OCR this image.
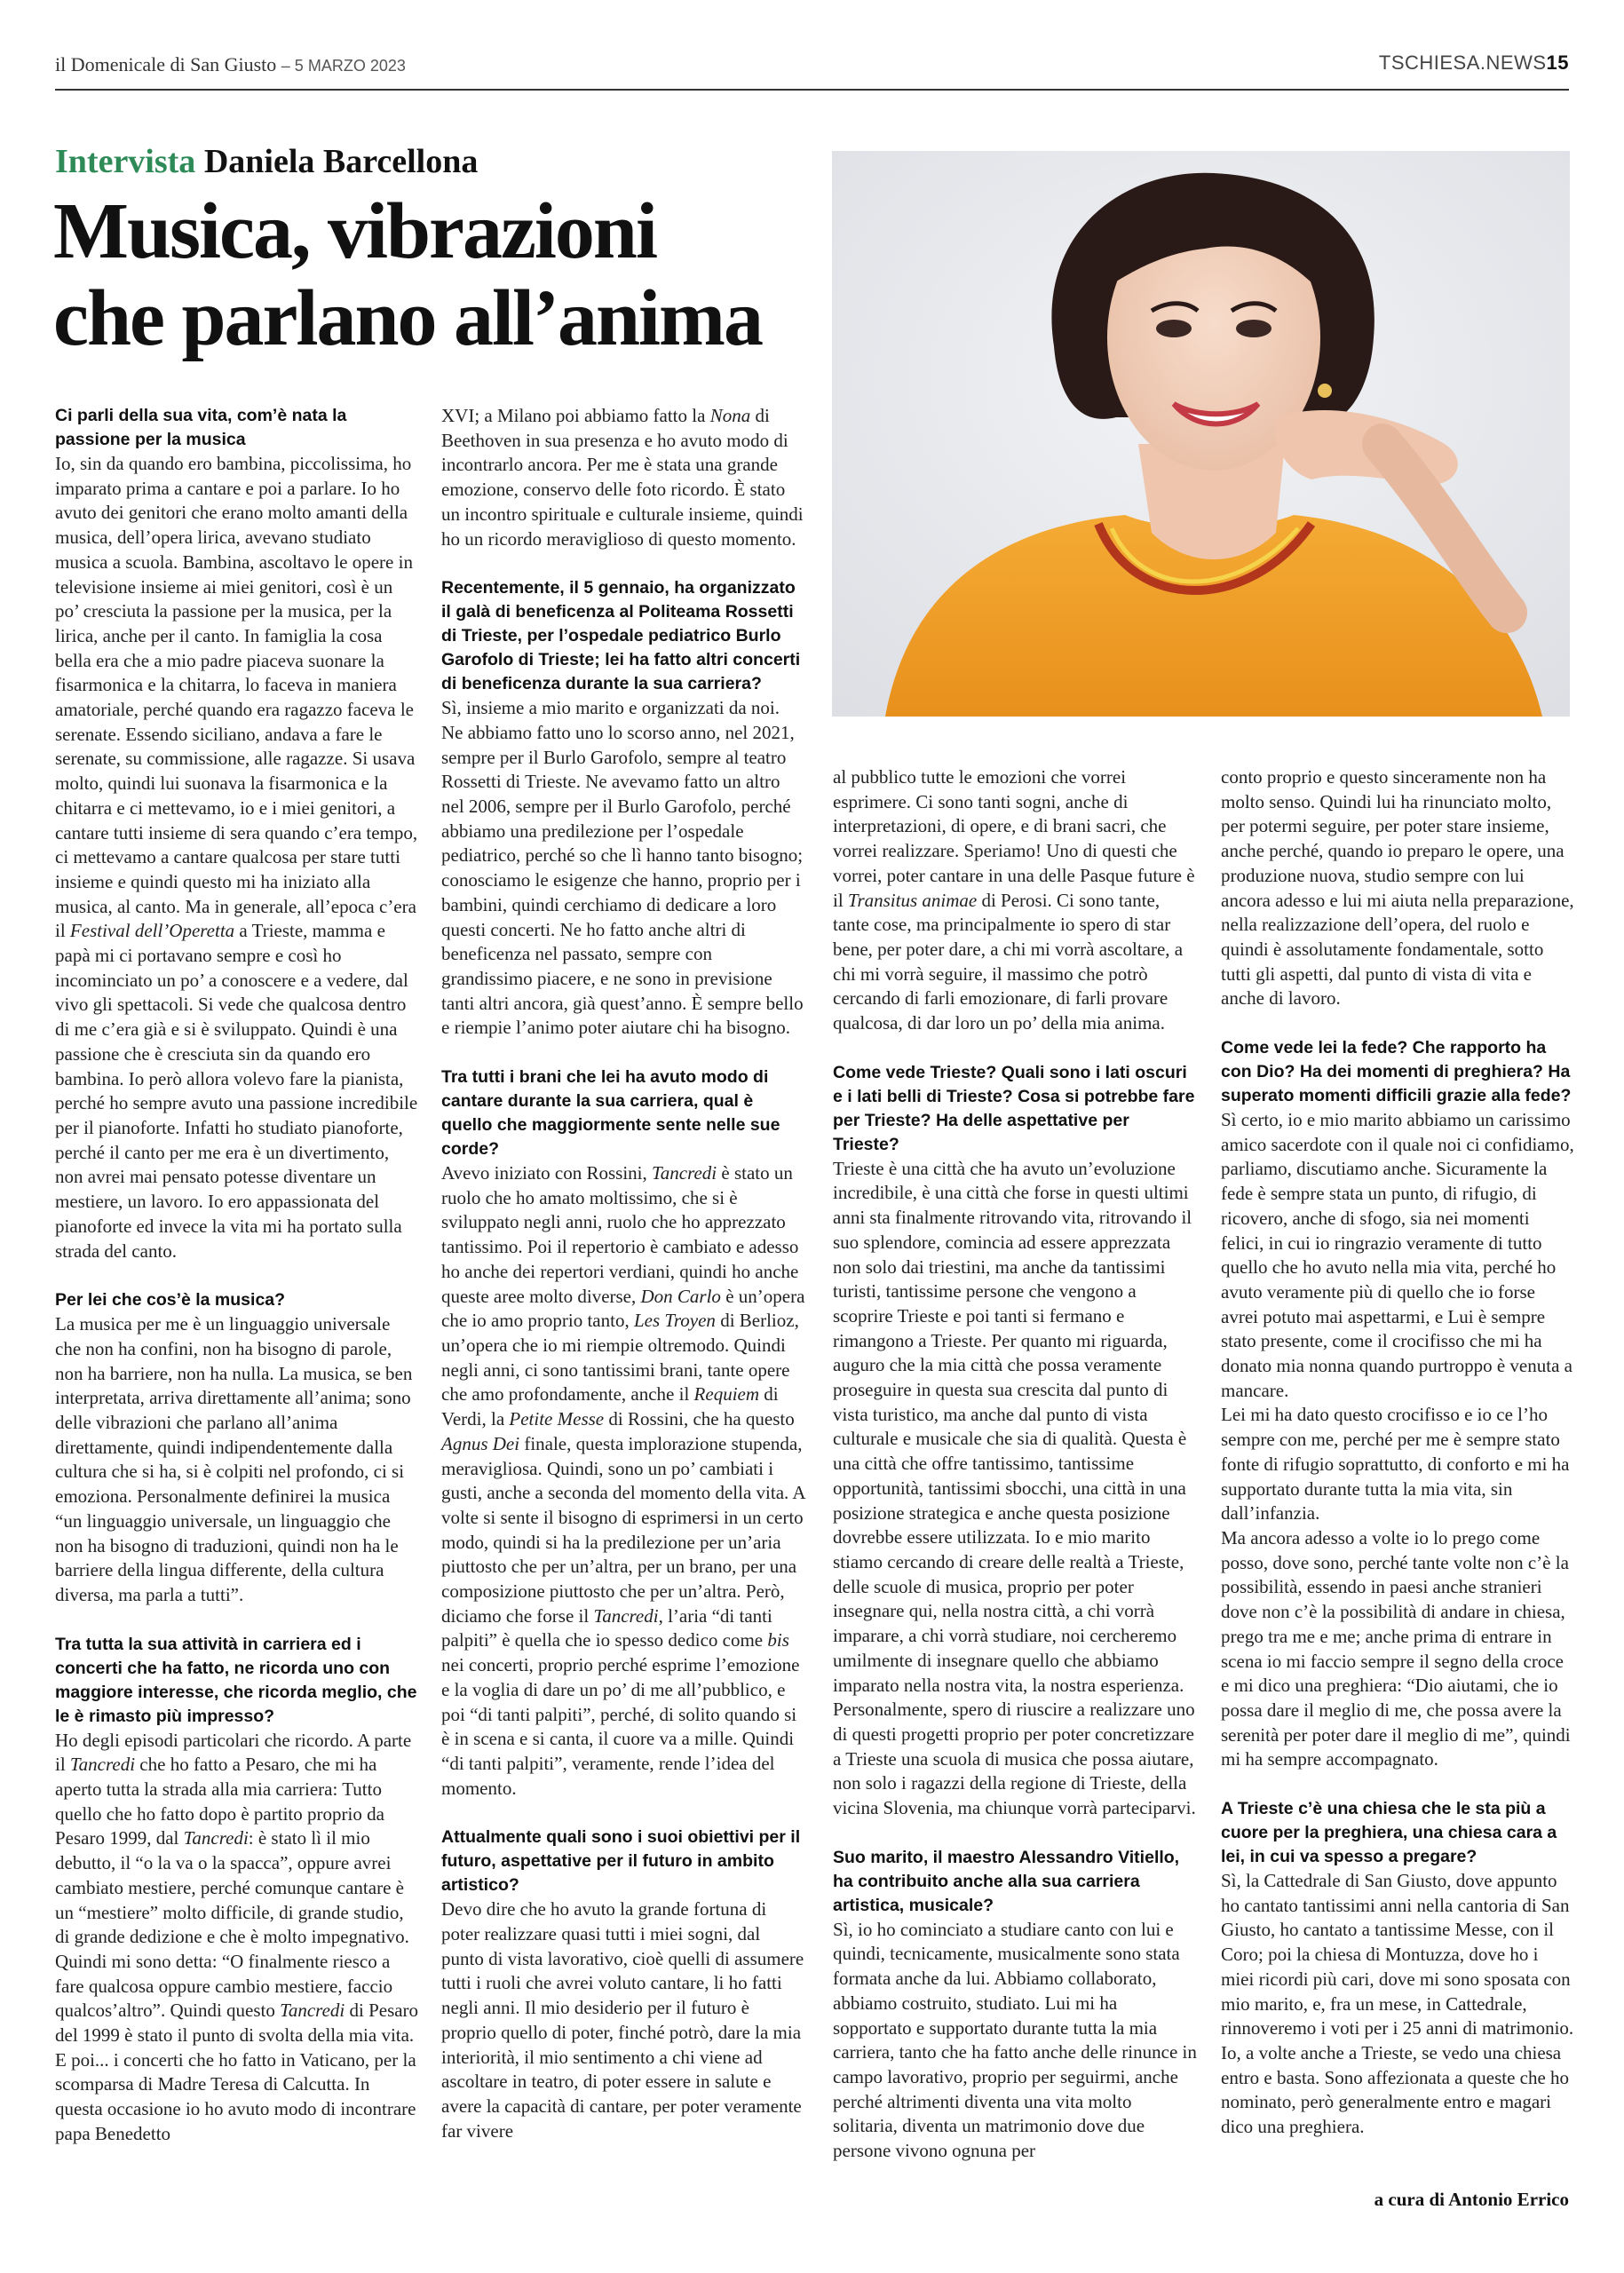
il Domenicale di San Giusto – 5 MARZO 2023	TSCHIESA.NEWS15
Intervista Daniela Barcellona
Musica, vibrazioni
che parlano all’anima

Ci parli della sua vita, com’è nata la passione per la musica

Io, sin da quando ero bambina, piccolissima, ho imparato prima a cantare e poi a parlare. Io ho avuto dei genitori che erano molto amanti della musica, dell’opera lirica, avevano studiato musica a scuola. Bambina, ascoltavo le opere in televisione insieme ai miei genitori, così è un po’ cresciuta la passione per la musica, per la lirica, anche per il canto. In famiglia la cosa bella era che a mio padre piaceva suonare la fisarmonica e la chitarra, lo faceva in maniera amatoriale, perché quando era ragazzo faceva le serenate. Essendo siciliano, andava a fare le serenate, su commissione, alle ragazze. Si usava molto, quindi lui suonava la fisarmonica e la chitarra e ci mettevamo, io e i miei genitori, a cantare tutti insieme di sera quando c’era tempo, ci mettevamo a cantare qualcosa per stare tutti insieme e quindi questo mi ha iniziato alla musica, al canto. Ma in generale, all’epoca c’era il Festival dell’Operetta a Trieste, mamma e papà mi ci portavano sempre e così ho incominciato un po’ a conoscere e a vedere, dal vivo gli spettacoli. Si vede che qualcosa dentro di me c’era già e si è sviluppato. Quindi è una passione che è cresciuta sin da quando ero bambina. Io però allora volevo fare la pianista, perché ho sempre avuto una passione incredibile per il pianoforte. Infatti ho studiato pianoforte, perché il canto per me era è un divertimento, non avrei mai pensato potesse diventare un mestiere, un lavoro. Io ero appassionata del pianoforte ed invece la vita mi ha portato sulla strada del canto.

Per lei che cos’è la musica?

La musica per me è un linguaggio universale che non ha confini, non ha bisogno di parole, non ha barriere, non ha nulla. La musica, se ben interpretata, arriva direttamente all’anima; sono delle vibrazioni che parlano all’anima direttamente, quindi indipendentemente dalla cultura che si ha, si è colpiti nel profondo, ci si emoziona. Personalmente definirei la musica “un linguaggio universale, un linguaggio che non ha bisogno di traduzioni, quindi non ha le barriere della lingua differente, della cultura diversa, ma parla a tutti”.

Tra tutta la sua attività in carriera ed i concerti che ha fatto, ne ricorda uno con maggiore interesse, che ricorda meglio, che le è rimasto più impresso?

Ho degli episodi particolari che ricordo. A parte il Tancredi che ho fatto a Pesaro, che mi ha aperto tutta la strada alla mia carriera: Tutto quello che ho fatto dopo è partito proprio da Pesaro 1999, dal Tancredi: è stato lì il mio debutto, il “o la va o la spacca”, oppure avrei cambiato mestiere, perché comunque cantare è un “mestiere” molto difficile, di grande studio, di grande dedizione e che è molto impegnativo. Quindi mi sono detta: “O finalmente riesco a fare qualcosa oppure cambio mestiere, faccio qualcos’altro”. Quindi questo Tancredi di Pesaro del 1999 è stato il punto di svolta della mia vita. E poi... i concerti che ho fatto in Vaticano, per la scomparsa di Madre Teresa di Calcutta. In questa occasione io ho avuto modo di incontrare papa Benedetto

XVI; a Milano poi abbiamo fatto la Nona di Beethoven in sua presenza e ho avuto modo di incontrarlo ancora. Per me è stata una grande emozione, conservo delle foto ricordo. È stato un incontro spirituale e culturale insieme, quindi ho un ricordo meraviglioso di questo momento.

Recentemente, il 5 gennaio, ha organizzato il galà di beneficenza al Politeama Rossetti di Trieste, per l’ospedale pediatrico Burlo Garofolo di Trieste; lei ha fatto altri concerti di beneficenza durante la sua carriera?

Sì, insieme a mio marito e organizzati da noi. Ne abbiamo fatto uno lo scorso anno, nel 2021, sempre per il Burlo Garofolo, sempre al teatro Rossetti di Trieste. Ne avevamo fatto un altro nel 2006, sempre per il Burlo Garofolo, perché abbiamo una predilezione per l’ospedale pediatrico, perché so che lì hanno tanto bisogno; conosciamo le esigenze che hanno, proprio per i bambini, quindi cerchiamo di dedicare a loro questi concerti. Ne ho fatto anche altri di beneficenza nel passato, sempre con grandissimo piacere, e ne sono in previsione tanti altri ancora, già quest’anno. È sempre bello e riempie l’animo poter aiutare chi ha bisogno.

Tra tutti i brani che lei ha avuto modo di cantare durante la sua carriera, qual è quello che maggiormente sente nelle sue corde?

Avevo iniziato con Rossini, Tancredi è stato un ruolo che ho amato moltissimo, che si è sviluppato negli anni, ruolo che ho apprezzato tantissimo. Poi il repertorio è cambiato e adesso ho anche dei repertori verdiani, quindi ho anche queste aree molto diverse, Don Carlo è un’opera che io amo proprio tanto, Les Troyen di Berlioz, un’opera che io mi riempie oltremodo. Quindi negli anni, ci sono tantissimi brani, tante opere che amo profondamente, anche il Requiem di Verdi, la Petite Messe di Rossini, che ha questo Agnus Dei finale, questa implorazione stupenda, meravigliosa. Quindi, sono un po’ cambiati i gusti, anche a seconda del momento della vita. A volte si sente il bisogno di esprimersi in un certo modo, quindi si ha la predilezione per un’aria piuttosto che per un’altra, per un brano, per una composizione piuttosto che per un’altra. Però, diciamo che forse il Tancredi, l’aria “di tanti palpiti” è quella che io spesso dedico come bis nei concerti, proprio perché esprime l’emozione e la voglia di dare un po’ di me all’pubblico, e poi “di tanti palpiti”, perché, di solito quando si è in scena e si canta, il cuore va a mille. Quindi “di tanti palpiti”, veramente, rende l’idea del momento.

Attualmente quali sono i suoi obiettivi per il futuro, aspettative per il futuro in ambito artistico?

Devo dire che ho avuto la grande fortuna di poter realizzare quasi tutti i miei sogni, dal punto di vista lavorativo, cioè quelli di assumere tutti i ruoli che avrei voluto cantare, li ho fatti negli anni. Il mio desiderio per il futuro è proprio quello di poter, finché potrò, dare la mia interiorità, il mio sentimento a chi viene ad ascoltare in teatro, di poter essere in salute e avere la capacità di cantare, per poter veramente far vivere

al pubblico tutte le emozioni che vorrei esprimere. Ci sono tanti sogni, anche di interpretazioni, di opere, e di brani sacri, che vorrei realizzare. Speriamo! Uno di questi che vorrei, poter cantare in una delle Pasque future è il Transitus animae di Perosi. Ci sono tante, tante cose, ma principalmente io spero di star bene, per poter dare, a chi mi vorrà ascoltare, a chi mi vorrà seguire, il massimo che potrò cercando di farli emozionare, di farli provare qualcosa, di dar loro un po’ della mia anima.

Come vede Trieste? Quali sono i lati oscuri e i lati belli di Trieste? Cosa si potrebbe fare per Trieste? Ha delle aspettative per Trieste?

Trieste è una città che ha avuto un’evoluzione incredibile, è una città che forse in questi ultimi anni sta finalmente ritrovando vita, ritrovando il suo splendore, comincia ad essere apprezzata non solo dai triestini, ma anche da tantissimi turisti, tantissime persone che vengono a scoprire Trieste e poi tanti si fermano e rimangono a Trieste. Per quanto mi riguarda, auguro che la mia città che possa veramente proseguire in questa sua crescita dal punto di vista turistico, ma anche dal punto di vista culturale e musicale che sia di qualità. Questa è una città che offre tantissimo, tantissime opportunità, tantissimi sbocchi, una città in una posizione strategica e anche questa posizione dovrebbe essere utilizzata. Io e mio marito stiamo cercando di creare delle realtà a Trieste, delle scuole di musica, proprio per poter insegnare qui, nella nostra città, a chi vorrà imparare, a chi vorrà studiare, noi cercheremo umilmente di insegnare quello che abbiamo imparato nella nostra vita, la nostra esperienza. Personalmente, spero di riuscire a realizzare uno di questi progetti proprio per poter concretizzare a Trieste una scuola di musica che possa aiutare, non solo i ragazzi della regione di Trieste, della vicina Slovenia, ma chiunque vorrà parteciparvi.

Suo marito, il maestro Alessandro Vitiello, ha contribuito anche alla sua carriera artistica, musicale?

Sì, io ho cominciato a studiare canto con lui e quindi, tecnicamente, musicalmente sono stata formata anche da lui. Abbiamo collaborato, abbiamo costruito, studiato. Lui mi ha sopportato e supportato durante tutta la mia carriera, tanto che ha fatto anche delle rinunce in campo lavorativo, proprio per seguirmi, anche perché altrimenti diventa una vita molto solitaria, diventa un matrimonio dove due persone vivono ognuna per

conto proprio e questo sinceramente non ha molto senso. Quindi lui ha rinunciato molto, per potermi seguire, per poter stare insieme, anche perché, quando io preparo le opere, una produzione nuova, studio sempre con lui ancora adesso e lui mi aiuta nella preparazione, nella realizzazione dell’opera, del ruolo e quindi è assolutamente fondamentale, sotto tutti gli aspetti, dal punto di vista di vita e anche di lavoro.

Come vede lei la fede? Che rapporto ha con Dio? Ha dei momenti di preghiera? Ha superato momenti difficili grazie alla fede?

Sì certo, io e mio marito abbiamo un carissimo amico sacerdote con il quale noi ci confidiamo, parliamo, discutiamo anche. Sicuramente la fede è sempre stata un punto, di rifugio, di ricovero, anche di sfogo, sia nei momenti felici, in cui io ringrazio veramente di tutto quello che ho avuto nella mia vita, perché ho avuto veramente più di quello che io forse avrei potuto mai aspettarmi, e Lui è sempre stato presente, come il crocifisso che mi ha donato mia nonna quando purtroppo è venuta a mancare.

Lei mi ha dato questo crocifisso e io ce l’ho sempre con me, perché per me è sempre stato fonte di rifugio soprattutto, di conforto e mi ha supportato durante tutta la mia vita, sin dall’infanzia.

Ma ancora adesso a volte io lo prego come posso, dove sono, perché tante volte non c’è la possibilità, essendo in paesi anche stranieri dove non c’è la possibilità di andare in chiesa, prego tra me e me; anche prima di entrare in scena io mi faccio sempre il segno della croce e mi dico una preghiera: “Dio aiutami, che io possa dare il meglio di me, che possa avere la serenità per poter dare il meglio di me”, quindi mi ha sempre accompagnato.

A Trieste c’è una chiesa che le sta più a cuore per la preghiera, una chiesa cara a lei, in cui va spesso a pregare?

Sì, la Cattedrale di San Giusto, dove appunto ho cantato tantissimi anni nella cantoria di San Giusto, ho cantato a tantissime Messe, con il Coro; poi la chiesa di Montuzza, dove ho i miei ricordi più cari, dove mi sono sposata con mio marito, e, fra un mese, in Cattedrale, rinnoveremo i voti per i 25 anni di matrimonio.

Io, a volte anche a Trieste, se vedo una chiesa entro e basta. Sono affezionata a queste che ho nominato, però generalmente entro e magari dico una preghiera.

a cura di Antonio Errico
